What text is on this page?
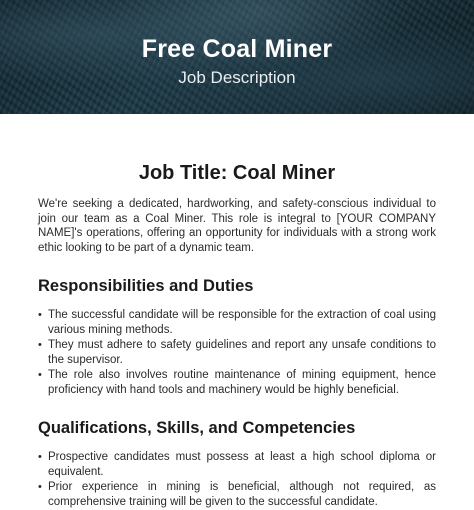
Free Coal Miner
Job Description
Job Title: Coal Miner

We're seeking a dedicated, hardworking, and safety-conscious individual to join our team as a Coal Miner. This role is integral to [YOUR COMPANY NAME]'s operations, offering an opportunity for individuals with a strong work ethic looking to be part of a dynamic team.

Responsibilities and Duties
• The successful candidate will be responsible for the extraction of coal using various mining methods.
• They must adhere to safety guidelines and report any unsafe conditions to the supervisor.
• The role also involves routine maintenance of mining equipment, hence proficiency with hand tools and machinery would be highly beneficial.
Qualifications, Skills, and Competencies
• Prospective candidates must possess at least a high school diploma or equivalent.
• Prior experience in mining is beneficial, although not required, as comprehensive training will be given to the successful candidate.
